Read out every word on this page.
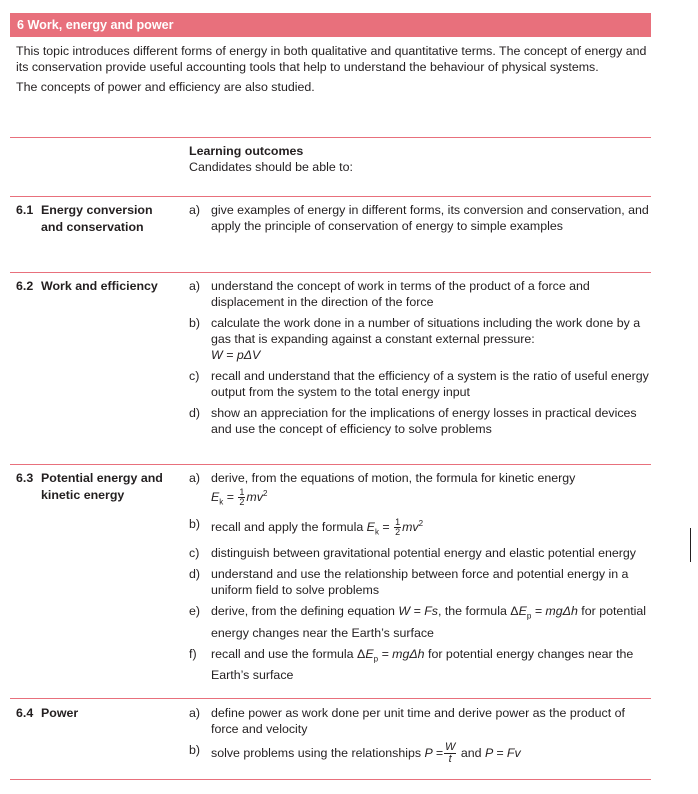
6 Work, energy and power

This topic introduces different forms of energy in both qualitative and quantitative terms. The concept of energy and its conservation provide useful accounting tools that help to understand the behaviour of physical systems.

The concepts of power and efficiency are also studied.

Learning outcomes
Candidates should be able to:
6.1 Energy conversion
and conservation
a) give examples of energy in different forms, its conversion and conservation, and apply the principle of conservation of energy to simple examples
6.2 Work and efficiency	a) understand the concept of work in terms of the product of a force and displacement in the direction of the force
b) calculate the work done in a number of situations including the work done by a gas that is expanding against a constant external pressure:
W = pΔV
c) recall and understand that the efficiency of a system is the ratio of useful energy output from the system to the total energy input
d) show an appreciation for the implications of energy losses in practical devices and use the concept of efficiency to solve problems
6.3 Potential energy and
kinetic energy
a) derive, from the equations of motion, the formula for kinetic energy
$E_k = \frac{1}{2} mv^2$
b) recall and apply the formula $E_k = \frac{1}{2} mv^2$
c) distinguish between gravitational potential energy and elastic potential energy
d) understand and use the relationship between force and potential energy in a uniform field to solve problems
e) derive, from the defining equation W = Fs, the formula $\Delta E_p = mg\Delta h$ for potential energy changes near the Earth’s surface
f) recall and use the formula $\Delta E_p = mg\Delta h$ for potential energy changes near the Earth’s surface
6.4 Power	a) define power as work done per unit time and derive power as the product of force and velocity
b) solve problems using the relationships $P = \frac{W}{t}$ and P = Fv
